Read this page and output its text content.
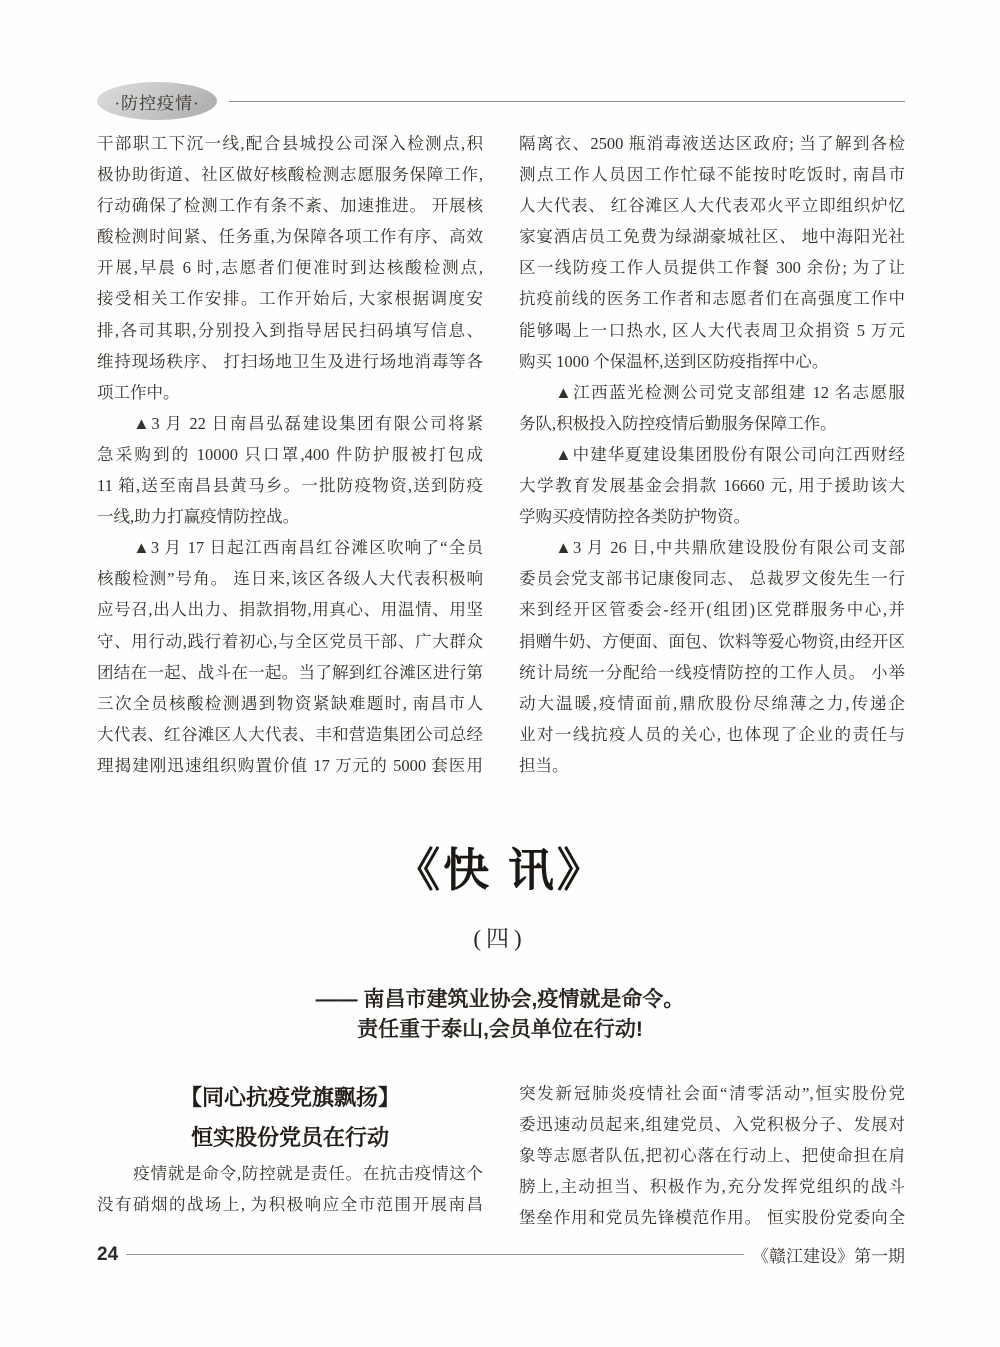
·防控疫情·
干部职工下沉一线,配合县城投公司深入检测点,积
极协助街道、社区做好核酸检测志愿服务保障工作,
行动确保了检测工作有条不紊、加速推进。 开展核
酸检测时间紧、任务重,为保障各项工作有序、高效
开展,早晨 6 时,志愿者们便准时到达核酸检测点,
接受相关工作安排。工作开始后, 大家根据调度安
排,各司其职,分别投入到指导居民扫码填写信息、
维持现场秩序、 打扫场地卫生及进行场地消毒等各
项工作中。
▲3 月 22 日南昌弘磊建设集团有限公司将紧
急采购到的 10000 只口罩,400 件防护服被打包成
11 箱,送至南昌县黄马乡。一批防疫物资,送到防疫
一线,助力打赢疫情防控战。
▲3 月 17 日起江西南昌红谷滩区吹响了“全员
核酸检测”号角。 连日来,该区各级人大代表积极响
应号召,出人出力、捐款捐物,用真心、用温情、用坚
守、用行动,践行着初心,与全区党员干部、广大群众
团结在一起、战斗在一起。当了解到红谷滩区进行第
三次全员核酸检测遇到物资紧缺难题时, 南昌市人
大代表、红谷滩区人大代表、丰和营造集团公司总经
理揭建刚迅速组织购置价值 17 万元的 5000 套医用
隔离衣、2500 瓶消毒液送达区政府; 当了解到各检
测点工作人员因工作忙碌不能按时吃饭时, 南昌市
人大代表、 红谷滩区人大代表邓火平立即组织炉忆
家宴酒店员工免费为绿湖豪城社区、 地中海阳光社
区一线防疫工作人员提供工作餐 300 余份; 为了让
抗疫前线的医务工作者和志愿者们在高强度工作中
能够喝上一口热水, 区人大代表周卫众捐资 5 万元
购买 1000 个保温杯,送到区防疫指挥中心。
▲江西蓝光检测公司党支部组建 12 名志愿服
务队,积极投入防控疫情后勤服务保障工作。
▲中建华夏建设集团股份有限公司向江西财经
大学教育发展基金会捐款 16660 元, 用于援助该大
学购买疫情防控各类防护物资。
▲3 月 26 日,中共鼎欣建设股份有限公司支部
委员会党支部书记康俊同志、 总裁罗文俊先生一行
来到经开区管委会-经开(组团)区党群服务中心,并
捐赠牛奶、方便面、面包、饮料等爱心物资,由经开区
统计局统一分配给一线疫情防控的工作人员。 小举
动大温暖,疫情面前,鼎欣股份尽绵薄之力,传递企
业对一线抗疫人员的关心, 也体现了企业的责任与
担当。
《快 讯》
(四)
—— 南昌市建筑业协会,疫情就是命令。
责任重于泰山,会员单位在行动!
【同心抗疫党旗飘扬】
恒实股份党员在行动
疫情就是命令,防控就是责任。在抗击疫情这个
没有硝烟的战场上, 为积极响应全市范围开展南昌
突发新冠肺炎疫情社会面“清零活动”,恒实股份党
委迅速动员起来,组建党员、入党积极分子、发展对
象等志愿者队伍,把初心落在行动上、把使命担在肩
膀上,主动担当、积极作为,充分发挥党组织的战斗
堡垒作用和党员先锋模范作用。 恒实股份党委向全
24	《赣江建设》第一期
